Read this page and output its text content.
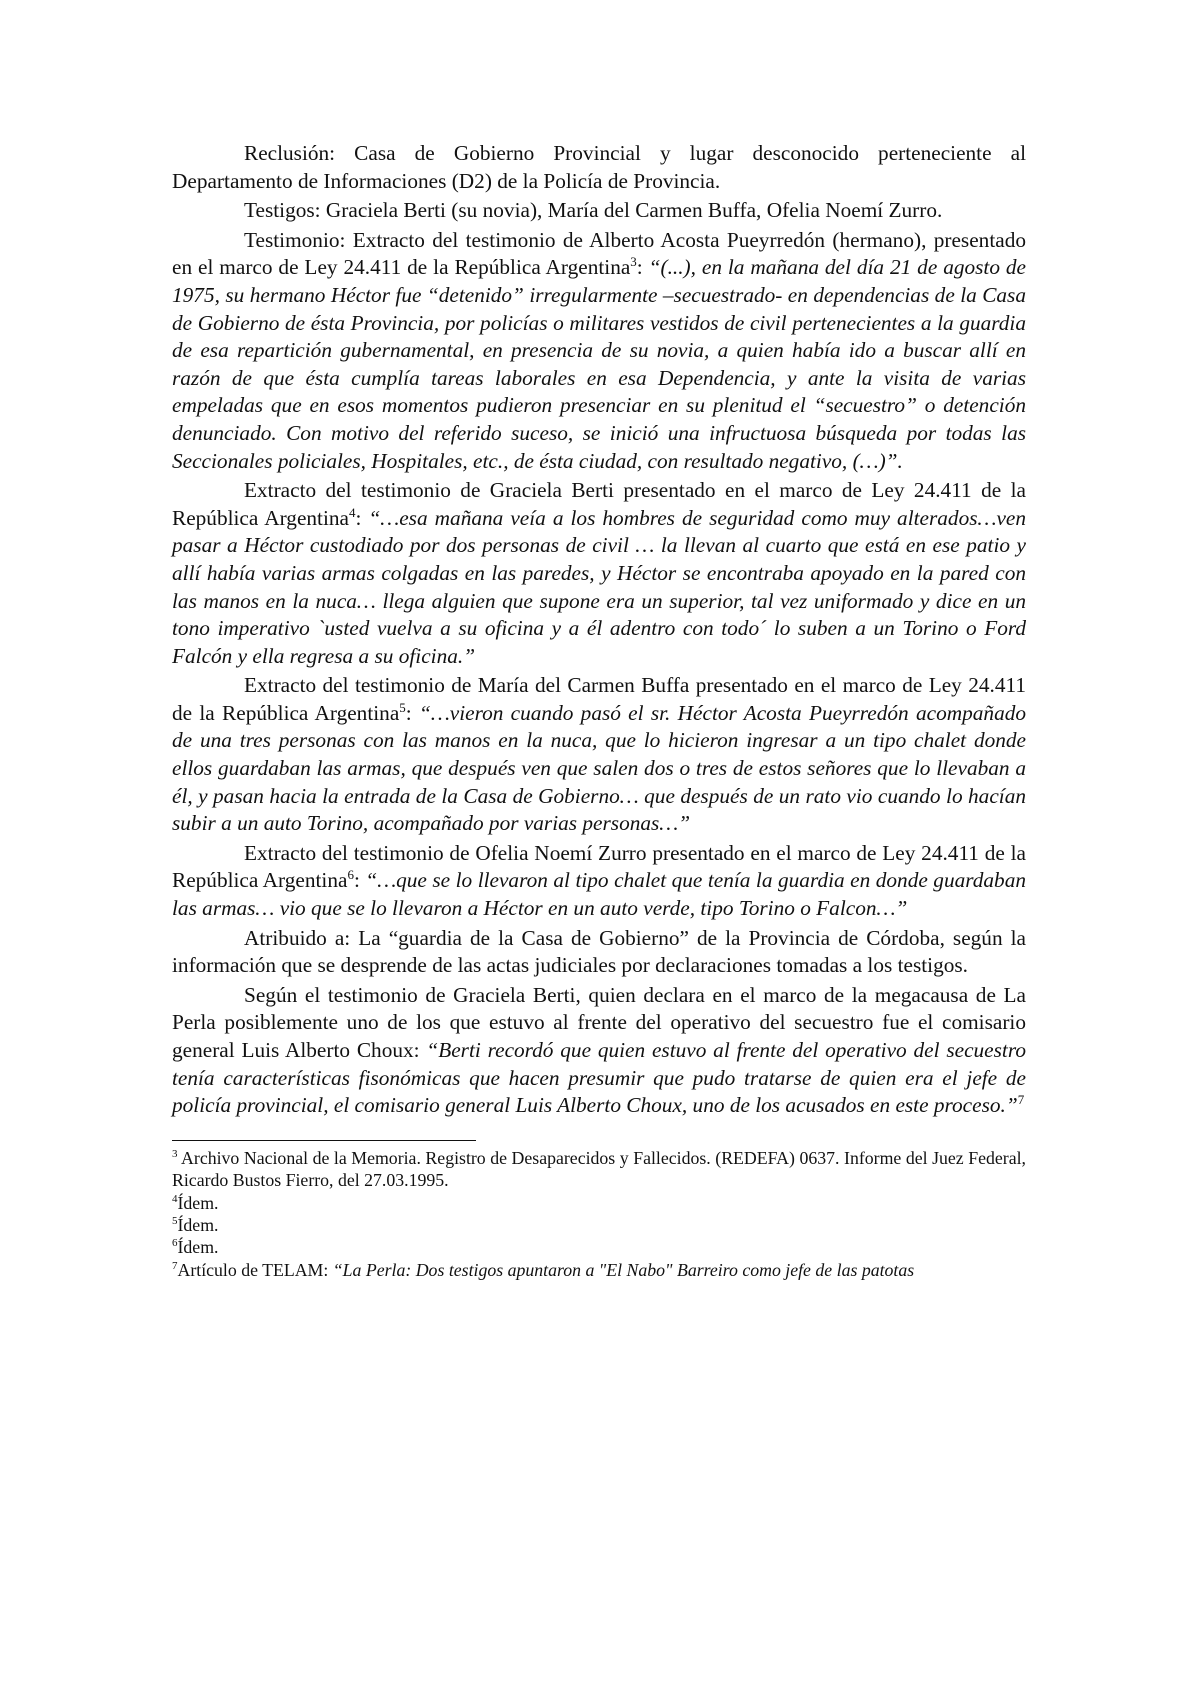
Reclusión: Casa de Gobierno Provincial y lugar desconocido perteneciente al Departamento de Informaciones (D2) de la Policía de Provincia.

Testigos: Graciela Berti (su novia), María del Carmen Buffa, Ofelia Noemí Zurro.

Testimonio: Extracto del testimonio de Alberto Acosta Pueyrredón (hermano), presentado en el marco de Ley 24.411 de la República Argentina$^3$: “(...), en la mañana del día 21 de agosto de 1975, su hermano Héctor fue “detenido” irregularmente –secuestrado- en dependencias de la Casa de Gobierno de ésta Provincia, por policías o militares vestidos de civil pertenecientes a la guardia de esa repartición gubernamental, en presencia de su novia, a quien había ido a buscar allí en razón de que ésta cumplía tareas laborales en esa Dependencia, y ante la visita de varias empeladas que en esos momentos pudieron presenciar en su plenitud el “secuestro” o detención denunciado. Con motivo del referido suceso, se inició una infructuosa búsqueda por todas las Seccionales policiales, Hospitales, etc., de ésta ciudad, con resultado negativo, (…)”.

Extracto del testimonio de Graciela Berti presentado en el marco de Ley 24.411 de la República Argentina$^4$: “…esa mañana veía a los hombres de seguridad como muy alterados…ven pasar a Héctor custodiado por dos personas de civil … la llevan al cuarto que está en ese patio y allí había varias armas colgadas en las paredes, y Héctor se encontraba apoyado en la pared con las manos en la nuca… llega alguien que supone era un superior, tal vez uniformado y dice en un tono imperativo `usted vuelva a su oficina y a él adentro con todo´ lo suben a un Torino o Ford Falcón y ella regresa a su oficina.”

Extracto del testimonio de María del Carmen Buffa presentado en el marco de Ley 24.411 de la República Argentina$^5$: “…vieron cuando pasó el sr. Héctor Acosta Pueyrredón acompañado de una tres personas con las manos en la nuca, que lo hicieron ingresar a un tipo chalet donde ellos guardaban las armas, que después ven que salen dos o tres de estos señores que lo llevaban a él, y pasan hacia la entrada de la Casa de Gobierno… que después de un rato vio cuando lo hacían subir a un auto Torino, acompañado por varias personas…”

Extracto del testimonio de Ofelia Noemí Zurro presentado en el marco de Ley 24.411 de la República Argentina$^6$: “…que se lo llevaron al tipo chalet que tenía la guardia en donde guardaban las armas… vio que se lo llevaron a Héctor en un auto verde, tipo Torino o Falcon…”

Atribuido a: La “guardia de la Casa de Gobierno” de la Provincia de Córdoba, según la información que se desprende de las actas judiciales por declaraciones tomadas a los testigos.

Según el testimonio de Graciela Berti, quien declara en el marco de la megacausa de La Perla posiblemente uno de los que estuvo al frente del operativo del secuestro fue el comisario general Luis Alberto Choux: “Berti recordó que quien estuvo al frente del operativo del secuestro tenía características fisonómicas que hacen presumir que pudo tratarse de quien era el jefe de policía provincial, el comisario general Luis Alberto Choux, uno de los acusados en este proceso.”$^7$

$^3$ Archivo Nacional de la Memoria. Registro de Desaparecidos y Fallecidos. (REDEFA) 0637. Informe del Juez Federal, Ricardo Bustos Fierro, del 27.03.1995.

$^4$Ídem.

$^5$Ídem.

$^6$Ídem.

$^7$Artículo de TELAM: “La Perla: Dos testigos apuntaron a "El Nabo" Barreiro como jefe de las patotas
